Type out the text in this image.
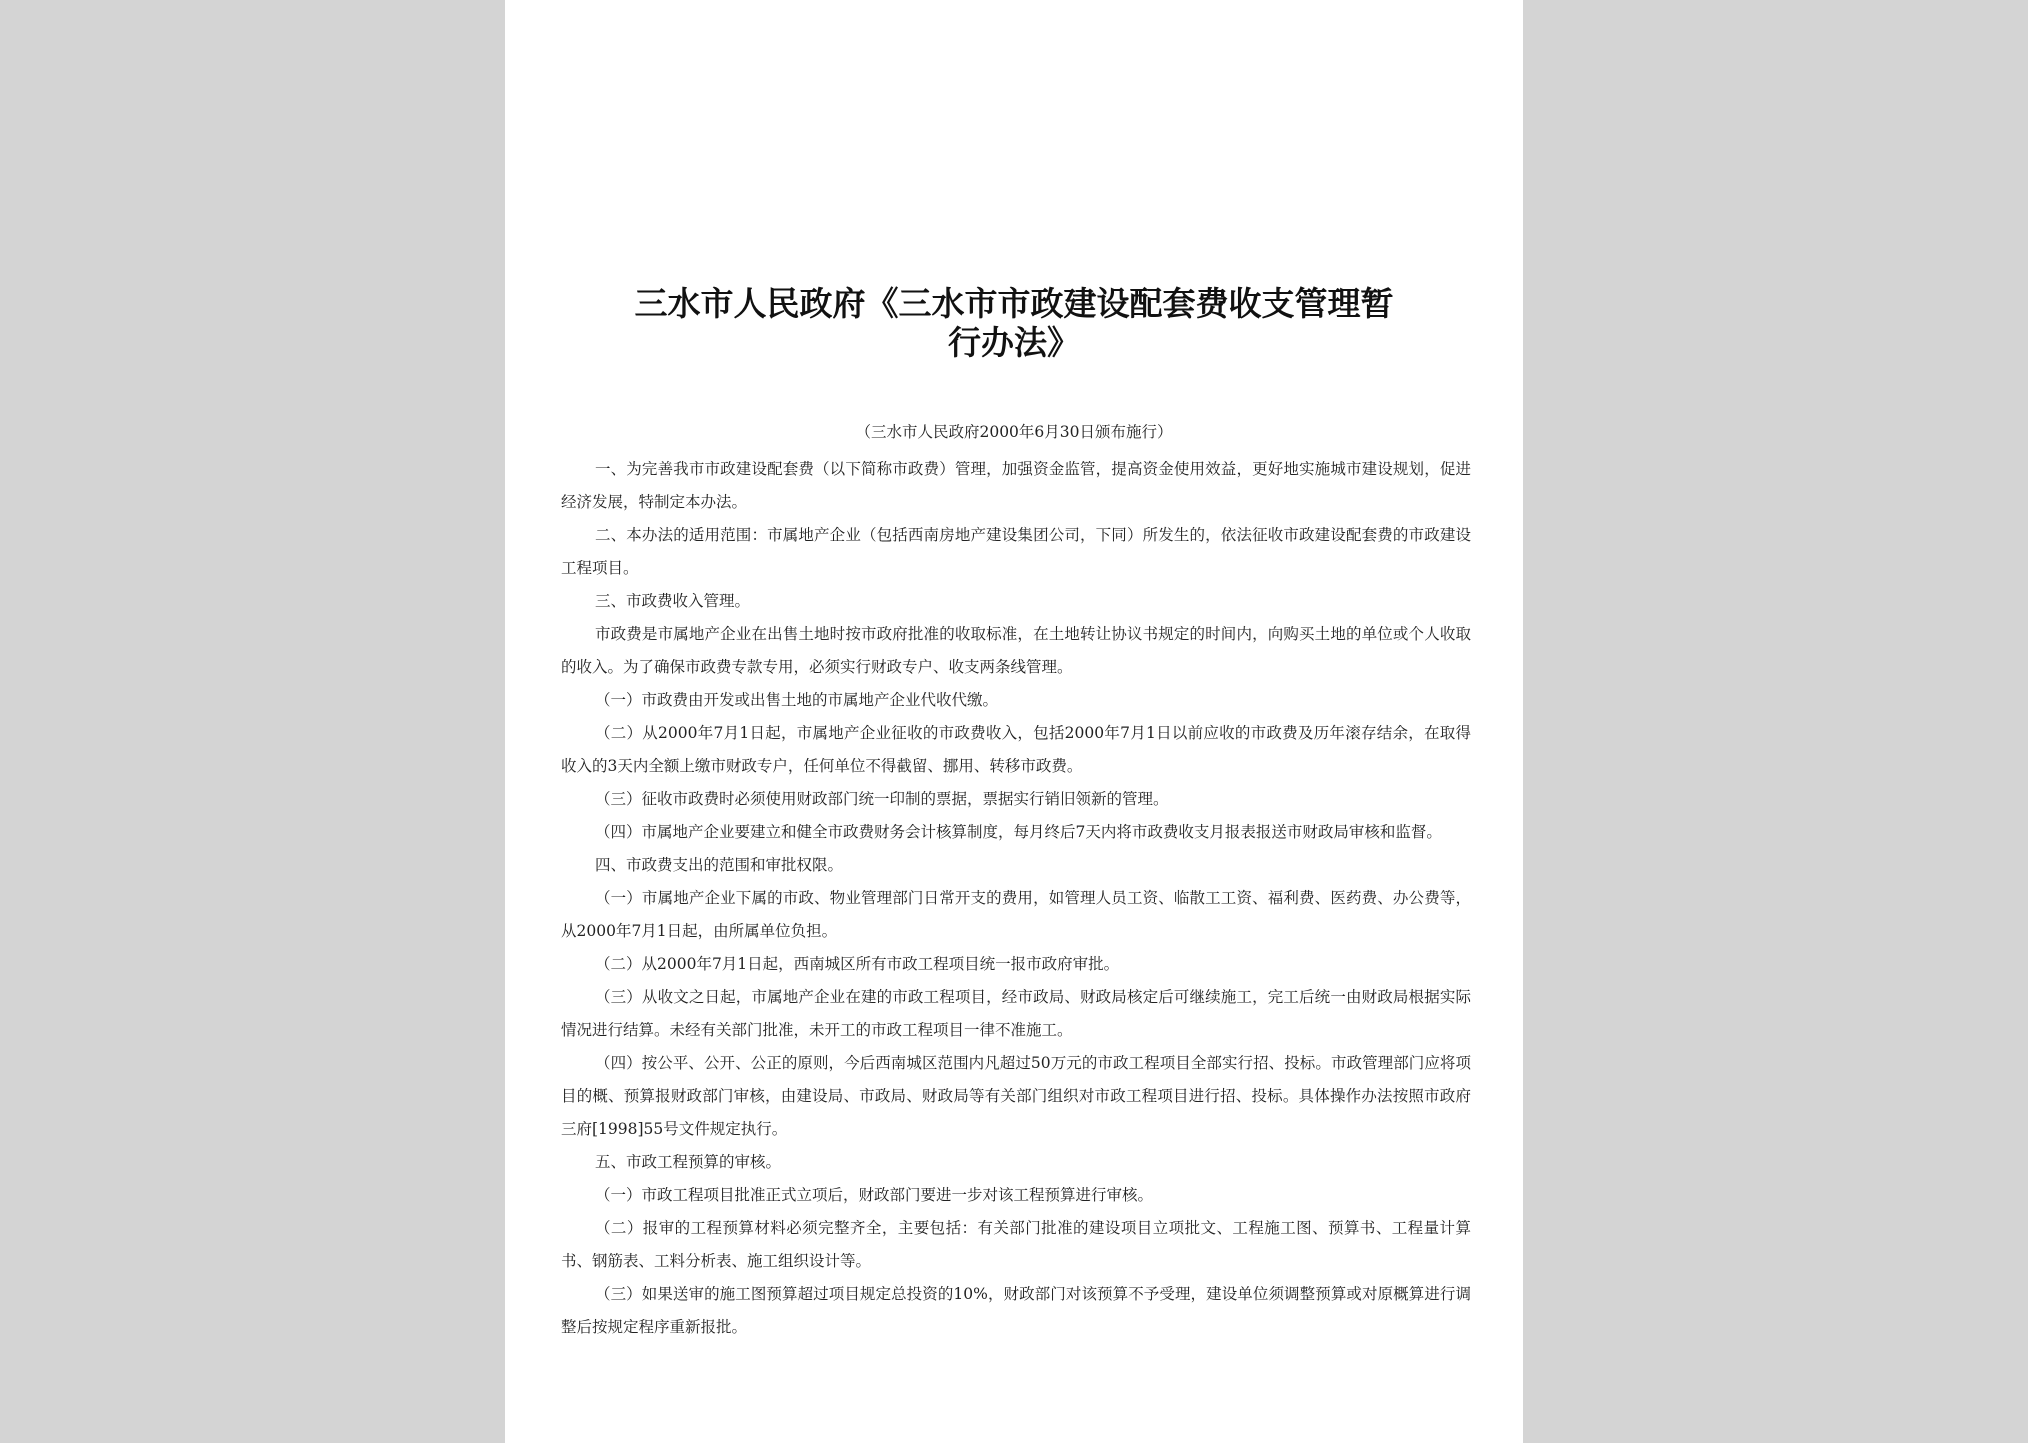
三水市人民政府《三水市市政建设配套费收支管理暂
行办法》
（三水市人民政府2000年6月30日颁布施行）

一、为完善我市市政建设配套费（以下简称市政费）管理，加强资金监管，提高资金使用效益，更好地实施城市建设规划，促进经济发展，特制定本办法。

二、本办法的适用范围：市属地产企业（包括西南房地产建设集团公司，下同）所发生的，依法征收市政建设配套费的市政建设工程项目。

三、市政费收入管理。

市政费是市属地产企业在出售土地时按市政府批准的收取标准，在土地转让协议书规定的时间内，向购买土地的单位或个人收取的收入。为了确保市政费专款专用，必须实行财政专户、收支两条线管理。

（一）市政费由开发或出售土地的市属地产企业代收代缴。

（二）从2000年7月1日起，市属地产企业征收的市政费收入，包括2000年7月1日以前应收的市政费及历年滚存结余，在取得收入的3天内全额上缴市财政专户，任何单位不得截留、挪用、转移市政费。

（三）征收市政费时必须使用财政部门统一印制的票据，票据实行销旧领新的管理。

（四）市属地产企业要建立和健全市政费财务会计核算制度，每月终后7天内将市政费收支月报表报送市财政局审核和监督。

四、市政费支出的范围和审批权限。

（一）市属地产企业下属的市政、物业管理部门日常开支的费用，如管理人员工资、临散工工资、福利费、医药费、办公费等，从2000年7月1日起，由所属单位负担。

（二）从2000年7月1日起，西南城区所有市政工程项目统一报市政府审批。

（三）从收文之日起，市属地产企业在建的市政工程项目，经市政局、财政局核定后可继续施工，完工后统一由财政局根据实际情况进行结算。未经有关部门批准，未开工的市政工程项目一律不准施工。

（四）按公平、公开、公正的原则，今后西南城区范围内凡超过50万元的市政工程项目全部实行招、投标。市政管理部门应将项目的概、预算报财政部门审核，由建设局、市政局、财政局等有关部门组织对市政工程项目进行招、投标。具体操作办法按照市政府三府[1998]55号文件规定执行。

五、市政工程预算的审核。

（一）市政工程项目批准正式立项后，财政部门要进一步对该工程预算进行审核。

（二）报审的工程预算材料必须完整齐全，主要包括：有关部门批准的建设项目立项批文、工程施工图、预算书、工程量计算书、钢筋表、工料分析表、施工组织设计等。

（三）如果送审的施工图预算超过项目规定总投资的10%，财政部门对该预算不予受理，建设单位须调整预算或对原概算进行调整后按规定程序重新报批。
